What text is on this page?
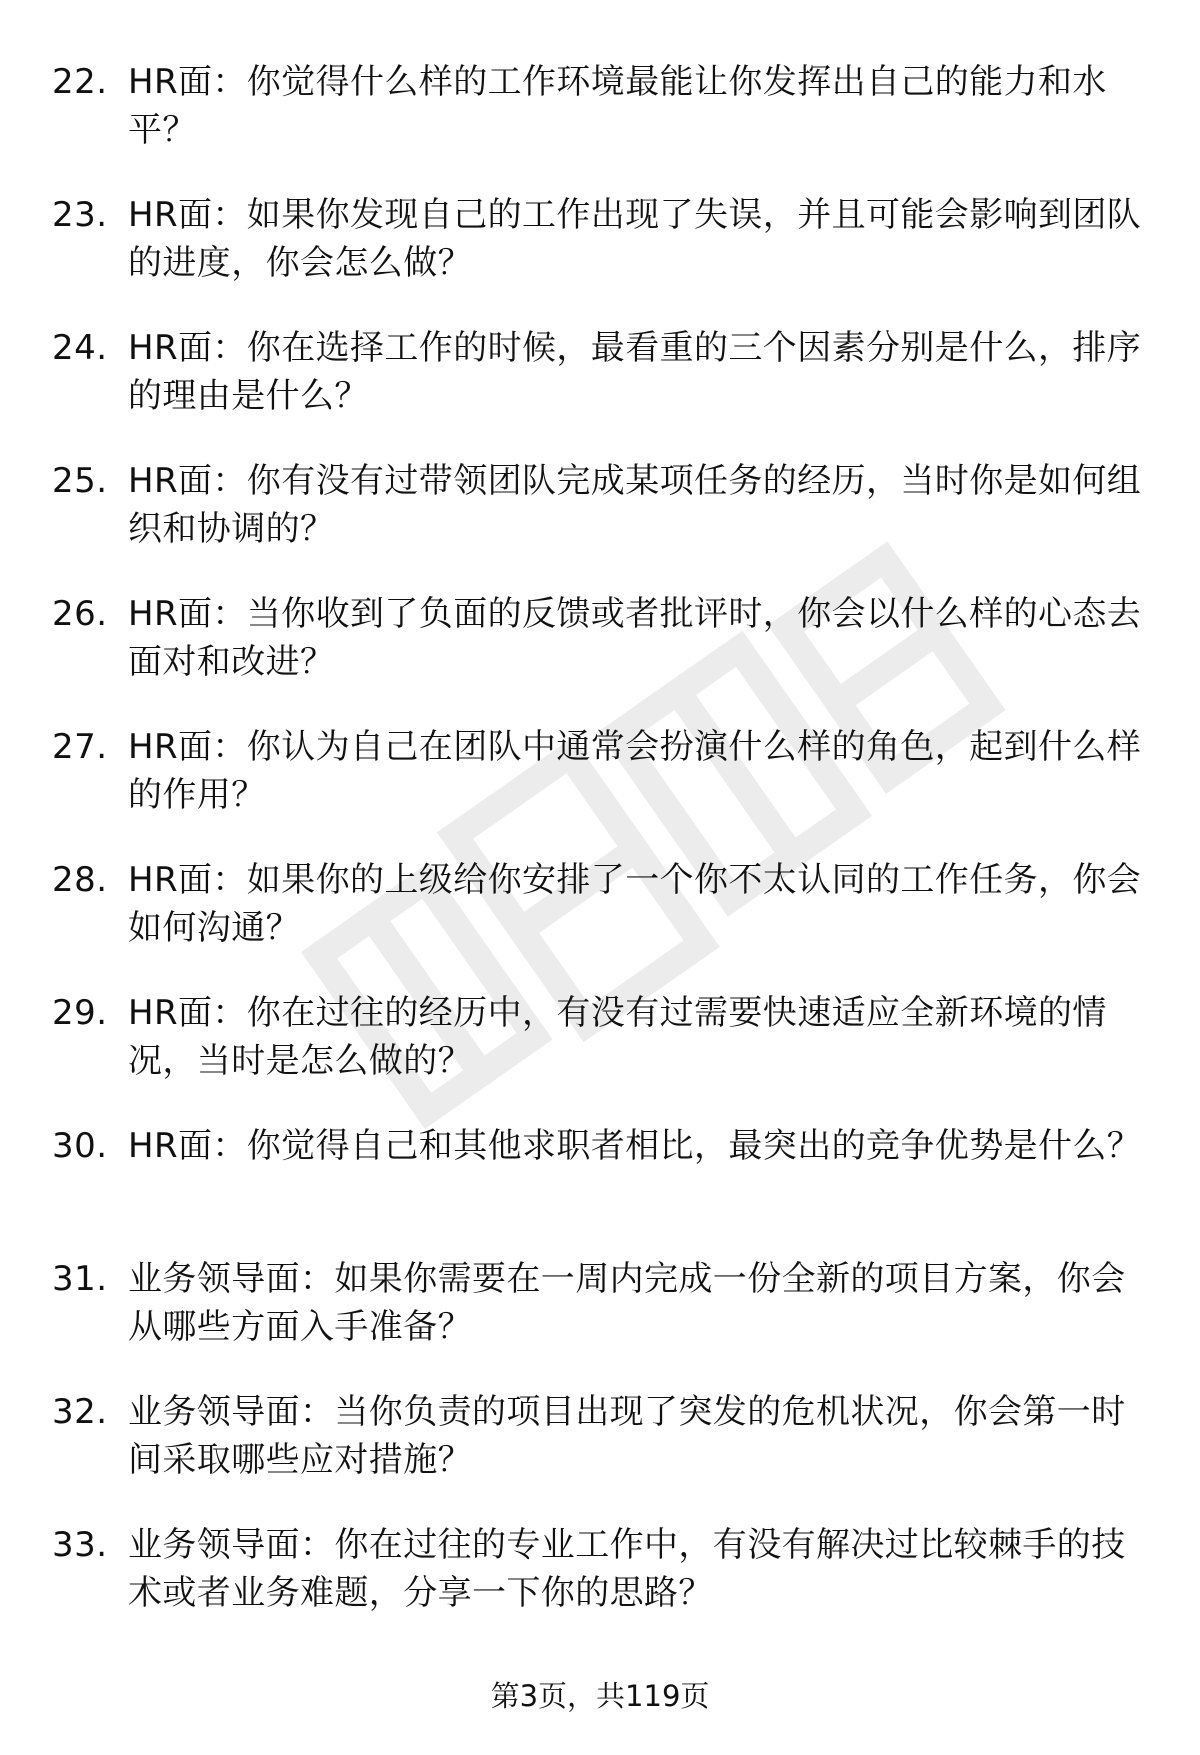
22. HR面：你觉得什么样的工作环境最能让你发挥出自己的能力和水平？
23. HR面：如果你发现自己的工作出现了失误，并且可能会影响到团队的进度，你会怎么做？
24. HR面：你在选择工作的时候，最看重的三个因素分别是什么，排序的理由是什么？
25. HR面：你有没有过带领团队完成某项任务的经历，当时你是如何组织和协调的？
26. HR面：当你收到了负面的反馈或者批评时，你会以什么样的心态去面对和改进？
27. HR面：你认为自己在团队中通常会扮演什么样的角色，起到什么样的作用？
28. HR面：如果你的上级给你安排了一个你不太认同的工作任务，你会如何沟通？
29. HR面：你在过往的经历中，有没有过需要快速适应全新环境的情况，当时是怎么做的？
30. HR面：你觉得自己和其他求职者相比，最突出的竞争优势是什么？
31. 业务领导面：如果你需要在一周内完成一份全新的项目方案，你会从哪些方面入手准备？
32. 业务领导面：当你负责的项目出现了突发的危机状况，你会第一时间采取哪些应对措施？
33. 业务领导面：你在过往的专业工作中，有没有解决过比较棘手的技术或者业务难题，分享一下你的思路？
第3页，共119页
